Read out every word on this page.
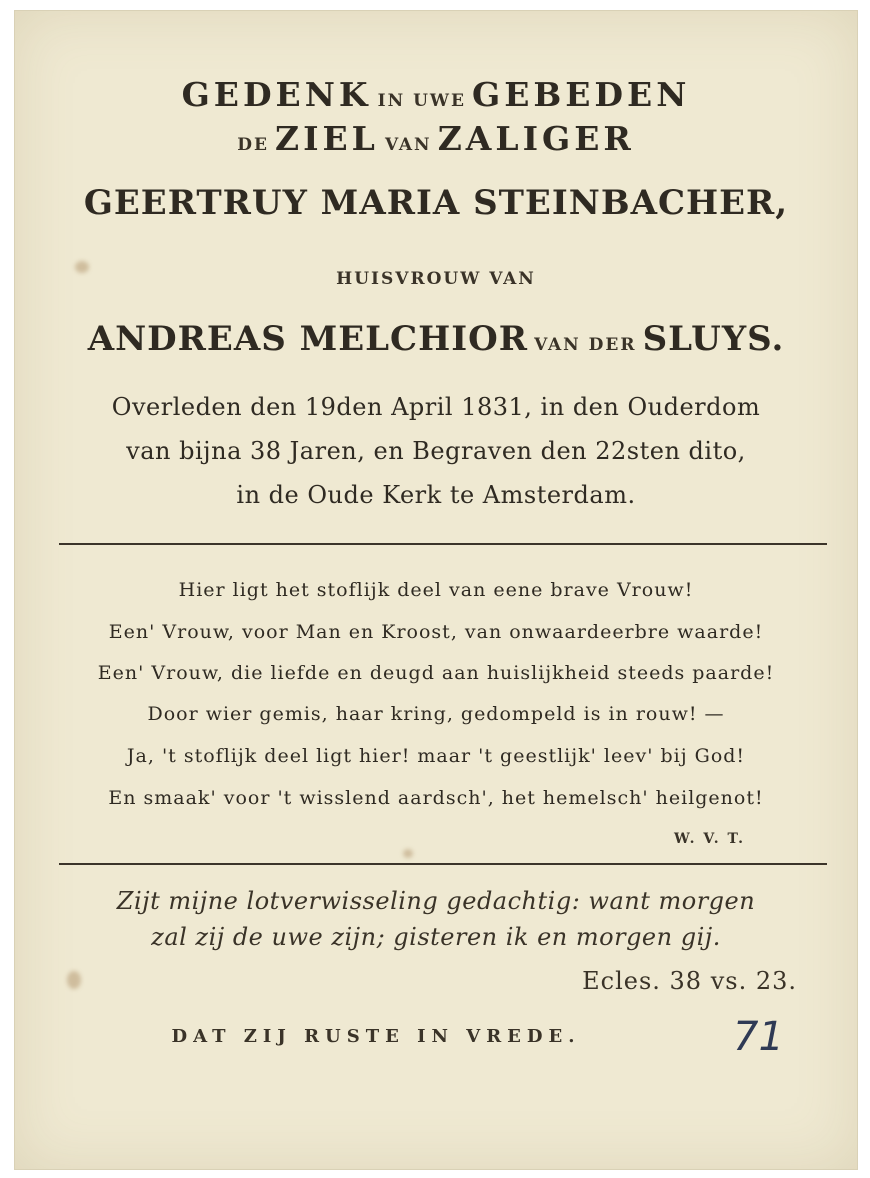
GEDENK IN UWE GEBEDEN
DE ZIEL VAN ZALIGER
GEERTRUY MARIA STEINBACHER,
HUISVROUW VAN
ANDREAS MELCHIOR VAN DER SLUYS.
Overleden den 19den April 1831, in den Ouderdom
van bijna 38 Jaren, en Begraven den 22sten dito,
in de Oude Kerk te Amsterdam.
Hier ligt het stoflijk deel van eene brave Vrouw!
Een' Vrouw, voor Man en Kroost, van onwaardeerbre waarde!
Een' Vrouw, die liefde en deugd aan huislijkheid steeds paarde!
Door wier gemis, haar kring, gedompeld is in rouw! —
Ja, 't stoflijk deel ligt hier! maar 't geestlijk' leev' bij God!
En smaak' voor 't wisslend aardsch', het hemelsch' heilgenot!
W. V. T.
Zijt mijne lotverwisseling gedachtig: want morgen
zal zij de uwe zijn; gisteren ik en morgen gij.
Ecles. 38 vs. 23.
DAT ZIJ RUSTE IN VREDE.	71
